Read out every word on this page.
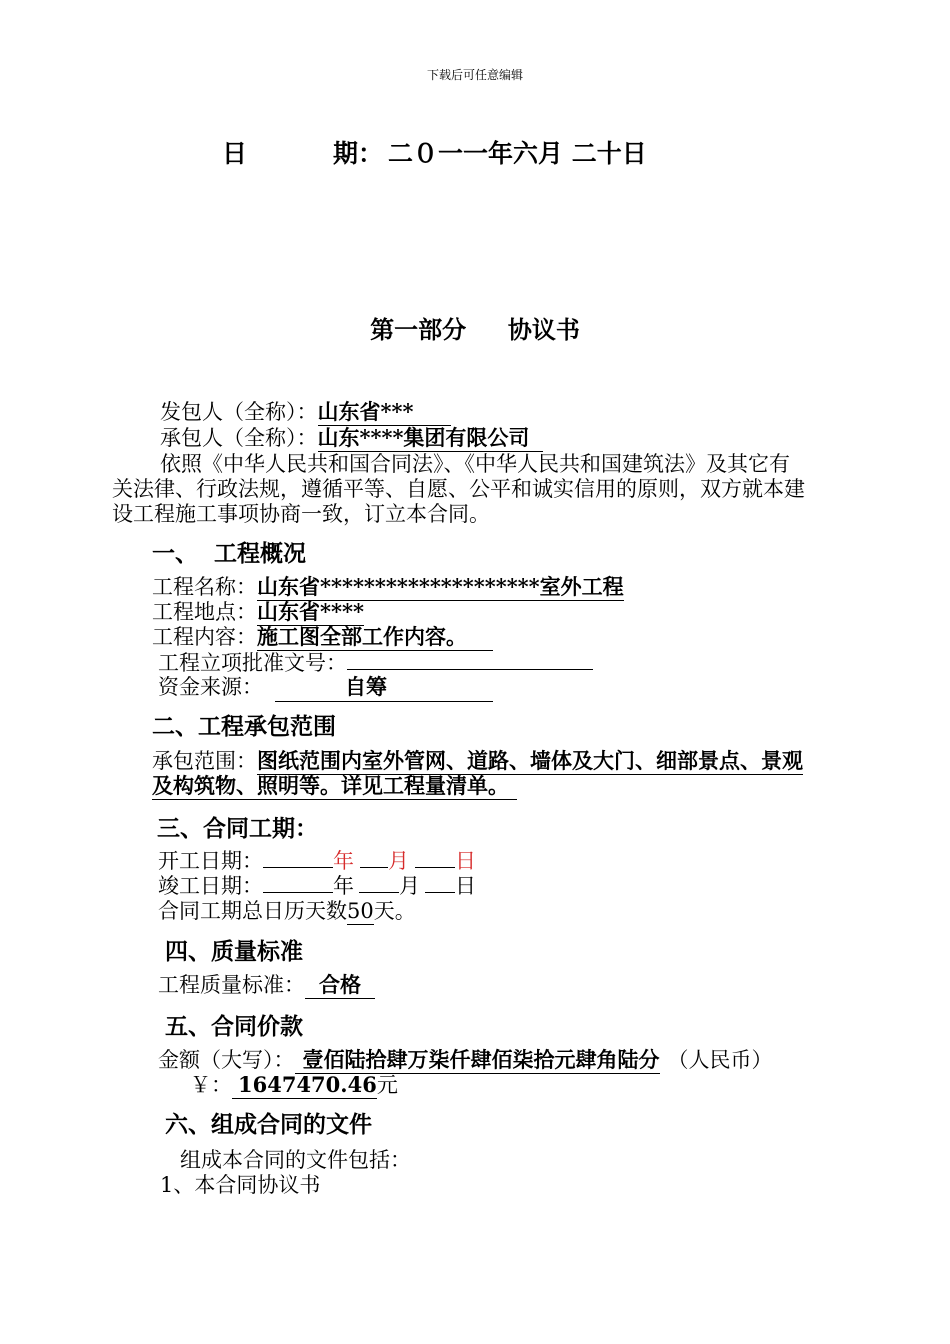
下载后可任意编辑
日	期： 二０一一年六月 二十日
第一部分     协议书
发包人（全称）：山东省***
承包人（全称）：山东****集团有限公司
依照《中华人民共和国合同法》、《中华人民共和国建筑法》及其它有
关法律、行政法规，遵循平等、自愿、公平和诚实信用的原则，双方就本建
设工程施工事项协商一致，订立本合同。
一、  工程概况
工程名称：山东省********************室外工程
工程地点：山东省****
工程内容：施工图全部工作内容。
工程立项批准文号：
资金来源：	自筹
二、工程承包范围
承包范围：图纸范围内室外管网、道路、墙体及大门、细部景点、景观
及构筑物、照明等。详见工程量清单。
三、合同工期：
开工日期：	年 月 日
竣工日期：	年 月 日
合同工期总日历天数50天。
四、质量标准
工程质量标准： 合格
五、合同价款
金额（大写）： 壹佰陆拾肆万柒仟肆佰柒拾元肆角陆分 （人民币）
￥： 1647470.46元
六、组成合同的文件
组成本合同的文件包括：
1、本合同协议书
